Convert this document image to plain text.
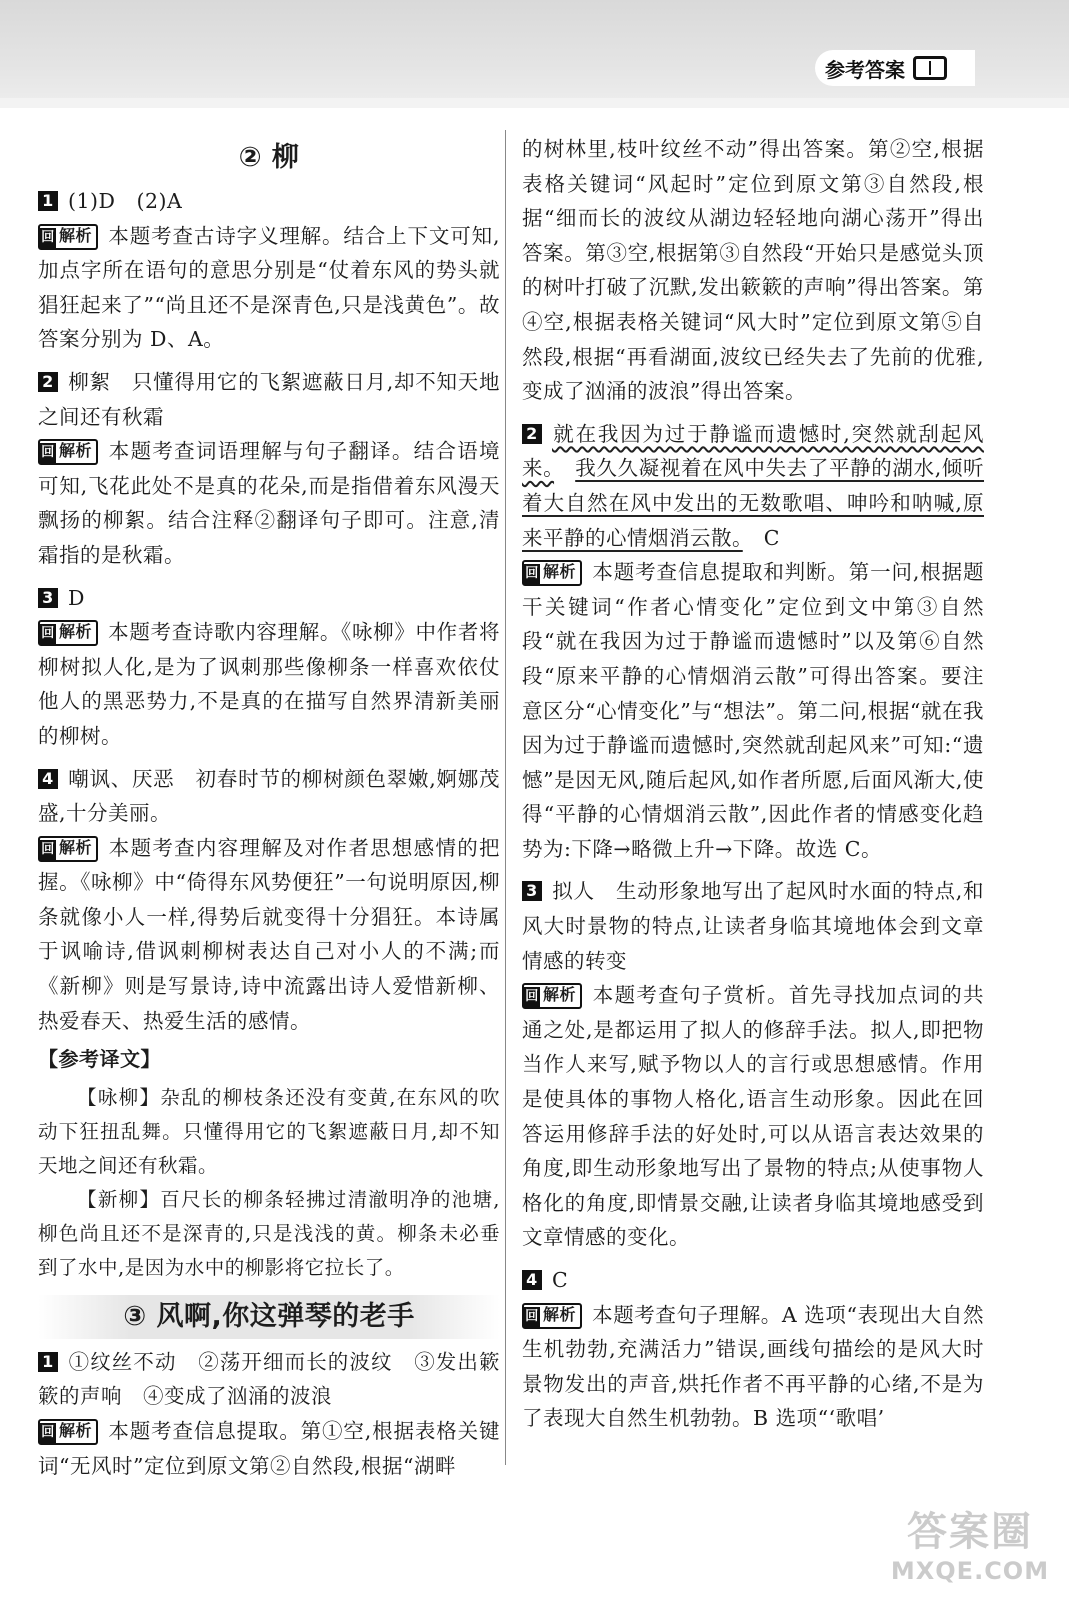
参考答案
② 柳

1 (1)D　(2)A

回 解析 本题考查古诗字义理解。结合上下文可知,加点字所在语句的意思分别是“仗着东风的势头就猖狂起来了”“尚且还不是深青色,只是浅黄色”。故答案分别为 D、A。

2 柳絮　只懂得用它的飞絮遮蔽日月,却不知天地之间还有秋霜

回 解析 本题考查词语理解与句子翻译。结合语境可知,飞花此处不是真的花朵,而是指借着东风漫天飘扬的柳絮。结合注释②翻译句子即可。注意,清霜指的是秋霜。

3 D

回 解析 本题考查诗歌内容理解。《咏柳》中作者将柳树拟人化,是为了讽刺那些像柳条一样喜欢依仗他人的黑恶势力,不是真的在描写自然界清新美丽的柳树。

4 嘲讽、厌恶　初春时节的柳树颜色翠嫩,婀娜茂盛,十分美丽。

回 解析 本题考查内容理解及对作者思想感情的把握。《咏柳》中“倚得东风势便狂”一句说明原因,柳条就像小人一样,得势后就变得十分猖狂。本诗属于讽喻诗,借讽刺柳树表达自己对小人的不满;而《新柳》则是写景诗,诗中流露出诗人爱惜新柳、热爱春天、热爱生活的感情。

【参考译文】

【咏柳】杂乱的柳枝条还没有变黄,在东风的吹动下狂扭乱舞。只懂得用它的飞絮遮蔽日月,却不知天地之间还有秋霜。

【新柳】百尺长的柳条轻拂过清澈明净的池塘,柳色尚且还不是深青的,只是浅浅的黄。柳条未必垂到了水中,是因为水中的柳影将它拉长了。

③ 风啊,你这弹琴的老手

1 ①纹丝不动　②荡开细而长的波纹　③发出簌簌的声响　④变成了汹涌的波浪

回 解析 本题考查信息提取。第①空,根据表格关键词“无风时”定位到原文第②自然段,根据“湖畔

的树林里,枝叶纹丝不动”得出答案。第②空,根据表格关键词“风起时”定位到原文第③自然段,根据“细而长的波纹从湖边轻轻地向湖心荡开”得出答案。第③空,根据第③自然段“开始只是感觉头顶的树叶打破了沉默,发出簌簌的声响”得出答案。第④空,根据表格关键词“风大时”定位到原文第⑤自然段,根据“再看湖面,波纹已经失去了先前的优雅,变成了汹涌的波浪”得出答案。

2 就在我因为过于静谧而遗憾时,突然就刮起风来。　 我久久凝视着在风中失去了平静的湖水,倾听着大自然在风中发出的无数歌唱、呻吟和呐喊,原来平静的心情烟消云散。　 C

回 解析 本题考查信息提取和判断。第一问,根据题干关键词“作者心情变化”定位到文中第③自然段“就在我因为过于静谧而遗憾时”以及第⑥自然段“原来平静的心情烟消云散”可得出答案。要注意区分“心情变化”与“想法”。第二问,根据“就在我因为过于静谧而遗憾时,突然就刮起风来”可知:“遗憾”是因无风,随后起风,如作者所愿,后面风渐大,使得“平静的心情烟消云散”,因此作者的情感变化趋势为:下降→略微上升→下降。故选 C。

3 拟人　生动形象地写出了起风时水面的特点,和风大时景物的特点,让读者身临其境地体会到文章情感的转变

回 解析 本题考查句子赏析。首先寻找加点词的共通之处,是都运用了拟人的修辞手法。拟人,即把物当作人来写,赋予物以人的言行或思想感情。作用是使具体的事物人格化,语言生动形象。因此在回答运用修辞手法的好处时,可以从语言表达效果的角度,即生动形象地写出了景物的特点;从使事物人格化的角度,即情景交融,让读者身临其境地感受到文章情感的变化。

4 C

回 解析 本题考查句子理解。A 选项“表现出大自然生机勃勃,充满活力”错误,画线句描绘的是风大时景物发出的声音,烘托作者不再平静的心绪,不是为了表现大自然生机勃勃。B 选项“‘歌唱’

答案圈
MXQE.COM
